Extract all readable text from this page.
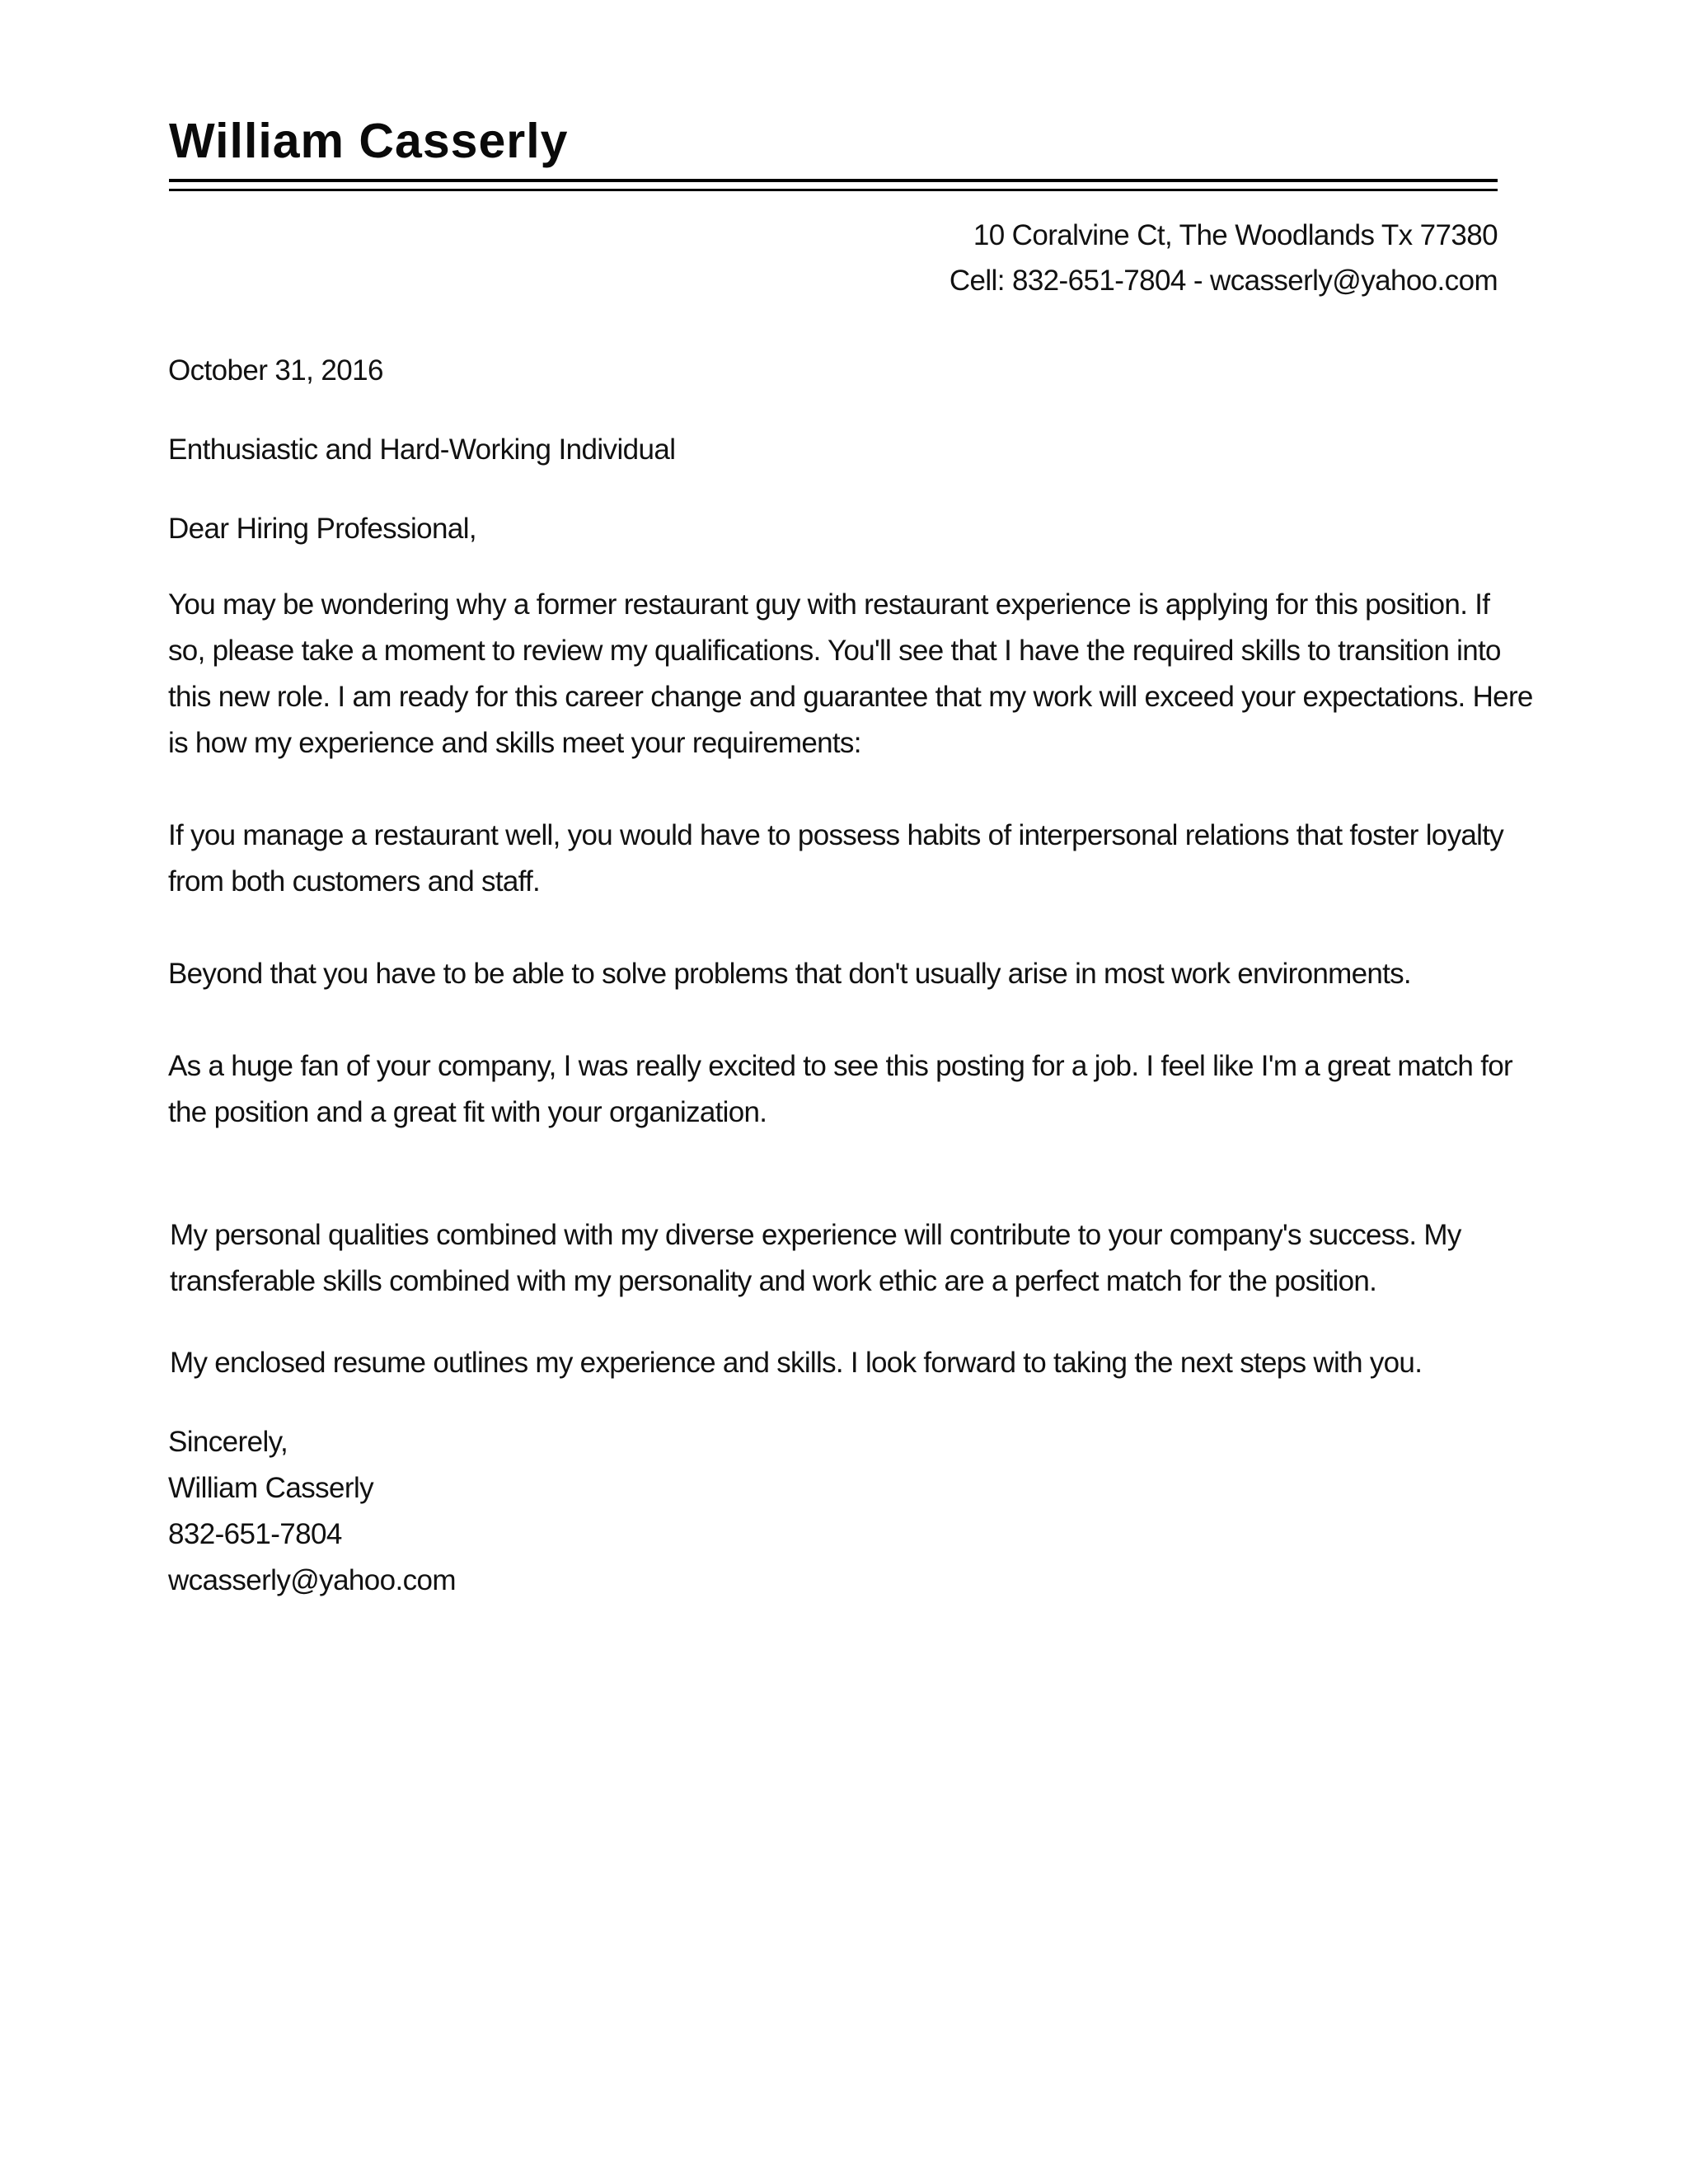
William Casserly
10 Coralvine Ct, The Woodlands Tx 77380
Cell: 832-651-7804 - wcasserly@yahoo.com
October 31, 2016
Enthusiastic and Hard-Working Individual
Dear Hiring Professional,
You may be wondering why a former restaurant guy with restaurant experience is applying for this position. If
so, please take a moment to review my qualifications. You'll see that I have the required skills to transition into
this new role. I am ready for this career change and guarantee that my work will exceed your expectations. Here
is how my experience and skills meet your requirements:
If you manage a restaurant well, you would have to possess habits of interpersonal relations that foster loyalty
from both customers and staff.
Beyond that you have to be able to solve problems that don't usually arise in most work environments.
As a huge fan of your company, I was really excited to see this posting for a job. I feel like I'm a great match for
the position and a great fit with your organization.
My personal qualities combined with my diverse experience will contribute to your company's success. My
transferable skills combined with my personality and work ethic are a perfect match for the position.
My enclosed resume outlines my experience and skills. I look forward to taking the next steps with you.
Sincerely,
William Casserly
832-651-7804
wcasserly@yahoo.com
